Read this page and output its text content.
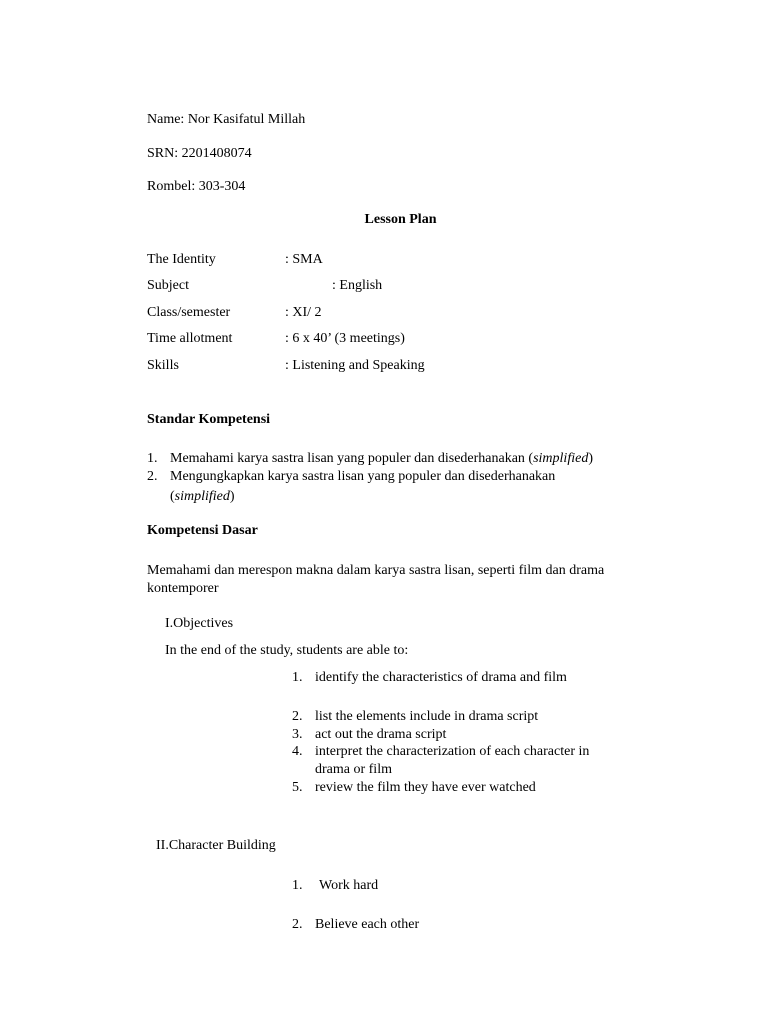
Name: Nor Kasifatul Millah
SRN: 2201408074
Rombel: 303-304
Lesson Plan
The Identity	: SMA
Subject	: English
Class/semester	: XI/ 2
Time allotment	: 6 x 40’ (3 meetings)
Skills	: Listening and Speaking
Standar Kompetensi
1. Memahami karya sastra lisan yang populer dan disederhanakan (simplified)
2. Mengungkapkan karya sastra lisan yang populer dan disederhanakan
(simplified)
Kompetensi Dasar
Memahami dan merespon makna dalam karya sastra lisan, seperti film dan drama
kontemporer
I.Objectives
In the end of the study, students are able to:
1. identify the characteristics of drama and film
2. list the elements include in drama script
3. act out the drama script
4. interpret the characterization of each character in
drama or film
5. review the film they have ever watched
II.Character Building
1. Work hard
2. Believe each other
